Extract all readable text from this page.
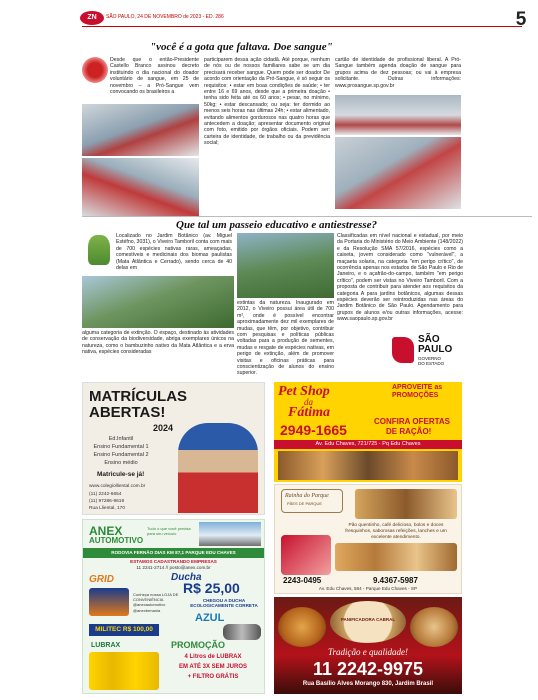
ZN	SÃO PAULO, 24 DE NOVEMBRO de 2023 - ED. 286	5
"você é a gota que faltava. Doe sangue"
Desde que o então-Presidente Castello Branco assinou decreto instituindo o dia nacional do doador voluntário de sangue, em 25 de novembro – a Pró-Sangue vem convocando os brasileiros a
participarem dessa ação cidadã. Até porque, nenhum de nós ou de nossos familiares sabe se um dia precisará receber sangue. Quem pode ser doador De acordo com orientação da Pró-Sangue, é só seguir os requisitos: • estar em boas condições de saúde; • ter entre 16 e 69 anos, desde que a primeira doação • tenha sido feita até os 60 anos; • pesar, no mínimo, 50kg; • estar descansado; ou seja: ter dormido ao menos seis horas nas últimas 24h; • estar alimentado, evitando alimentos gordurosos nas quatro horas que antecedem a doação; apresentar documento original com foto, emitido por órgãos oficiais. Podem ser: carteira de identidade, de trabalho ou da previdência social;
cartão de identidade de profissional liberal. A Pró-Sangue também agenda doação de sangue para grupos acima de dez pessoas; ou vai à empresa solicitante. Outras informações: www.prosangue.sp.gov.br
Que tal um passeio educativo e antiestresse?
Localizado no Jardim Botânico (av. Miguel Estéfno, 3031), o Viveiro Tamboril conta com mais de 700 espécies nativas raras, ameaçadas, comestíveis e medicinais dos biomas paulistas (Mata Atlântica e Cerrado), sendo cerca de 40 delas em
alguma categoria de extinção. O espaço, destinado às atividades de conservação da biodiversidade, abriga exemplares únicos na natureza, como o bambuzinho nativo da Mata Atlântica e a erva nativa, espécies consideradas
extintas da natureza. Inaugurado em 2012, o Viveiro possui área útil de 700 m², onde é possível encontrar aproximadamente dez mil exemplares de mudas, que têm, por objetivo, contribuir com pesquisas e políticas públicas voltadas para a produção de sementes, mudas e resgate de espécies nativas, em perigo de extinção, além de promover visitas e oficinas práticas para conscientização de alunos do ensino superior.
Classificadas em nível nacional e estadual, por meio da Portaria do Ministério do Meio Ambiente (148/2022) e da Resolução SMA 57/2016, espécies como a caixeta, jovem considerado como "vulnerável", a maçaeta solaria, na categoria "em perigo crítico", de ocorrência apenas nos estados de São Paulo e Rio de Janeiro, e o açafrão-do-campo, também "em perigo crítico", podem ser vistas no Viveiro Tamboril. Com a proposta de contribuir para atender aos requisitos da categoria A para jardins botânicos, algumas dessas espécies deverão ser reintroduzidas nas áreas do Jardim Botânico de São Paulo. Agendamento para grupos de alunos e/ou outras informações, acesse: www.saopaulo.sp.gov.br
SÃO
PAULO
GOVERNO
DO ESTADO
MATRÍCULAS
ABERTAS!
2024
Ed.Infantil
Ensino Fundamental 1
Ensino Fundamental 2
Ensino médio
Matricule-se já!
www.colegiolliental.com.br
(11) 2242-6654
(11) 97286-9619
Rua Lliental, 170
Pet Shop
da
Fátima
2949-1665
APROVEITE as
PROMOÇÕES
CONFIRA OFERTAS
DE RAÇÃO!
Av. Edu Chaves, 721/725 - Pq Edu Chaves
Rainha do Parque
PÃES DE PARQUE
Pão quentinho, café delicioso, bolos e doces fresquinhos, saborosas refeições, lanches e um excelente atendimento.
2243-0495	9.4367-5987
Av. Edu Chaves, 584 - Parque Edu Chaves - SP
ANEX
AUTOMOTIVO
Tudo o que você precisa para seu veículo
RODOVIA FERNÃO DIAS KM 87,1 PARQUE EDU CHAVES
ESTAMOS CADASTRANDO EMPRESAS
11 2241-2714 // posto@anex.com.br
GRID	Ducha
R$ 25,00
Conheça nossa LOJA DE CONVENIÊNCIA
@anexautomotivo
@anexbrmania
CHEGOU A DUCHA ECOLOGICAMENTE CORRETA
AZUL
MILITEC R$ 100,00
PROMOÇÃO
LUBRAX
4 Litros de LUBRAX
EM ATÉ 3X SEM JUROS
+ FILTRO GRÁTIS
PANIFICADORA CABRAL
Tradição e qualidade!
11 2242-9975
Rua Basílio Alves Morango 830, Jardim Brasil
